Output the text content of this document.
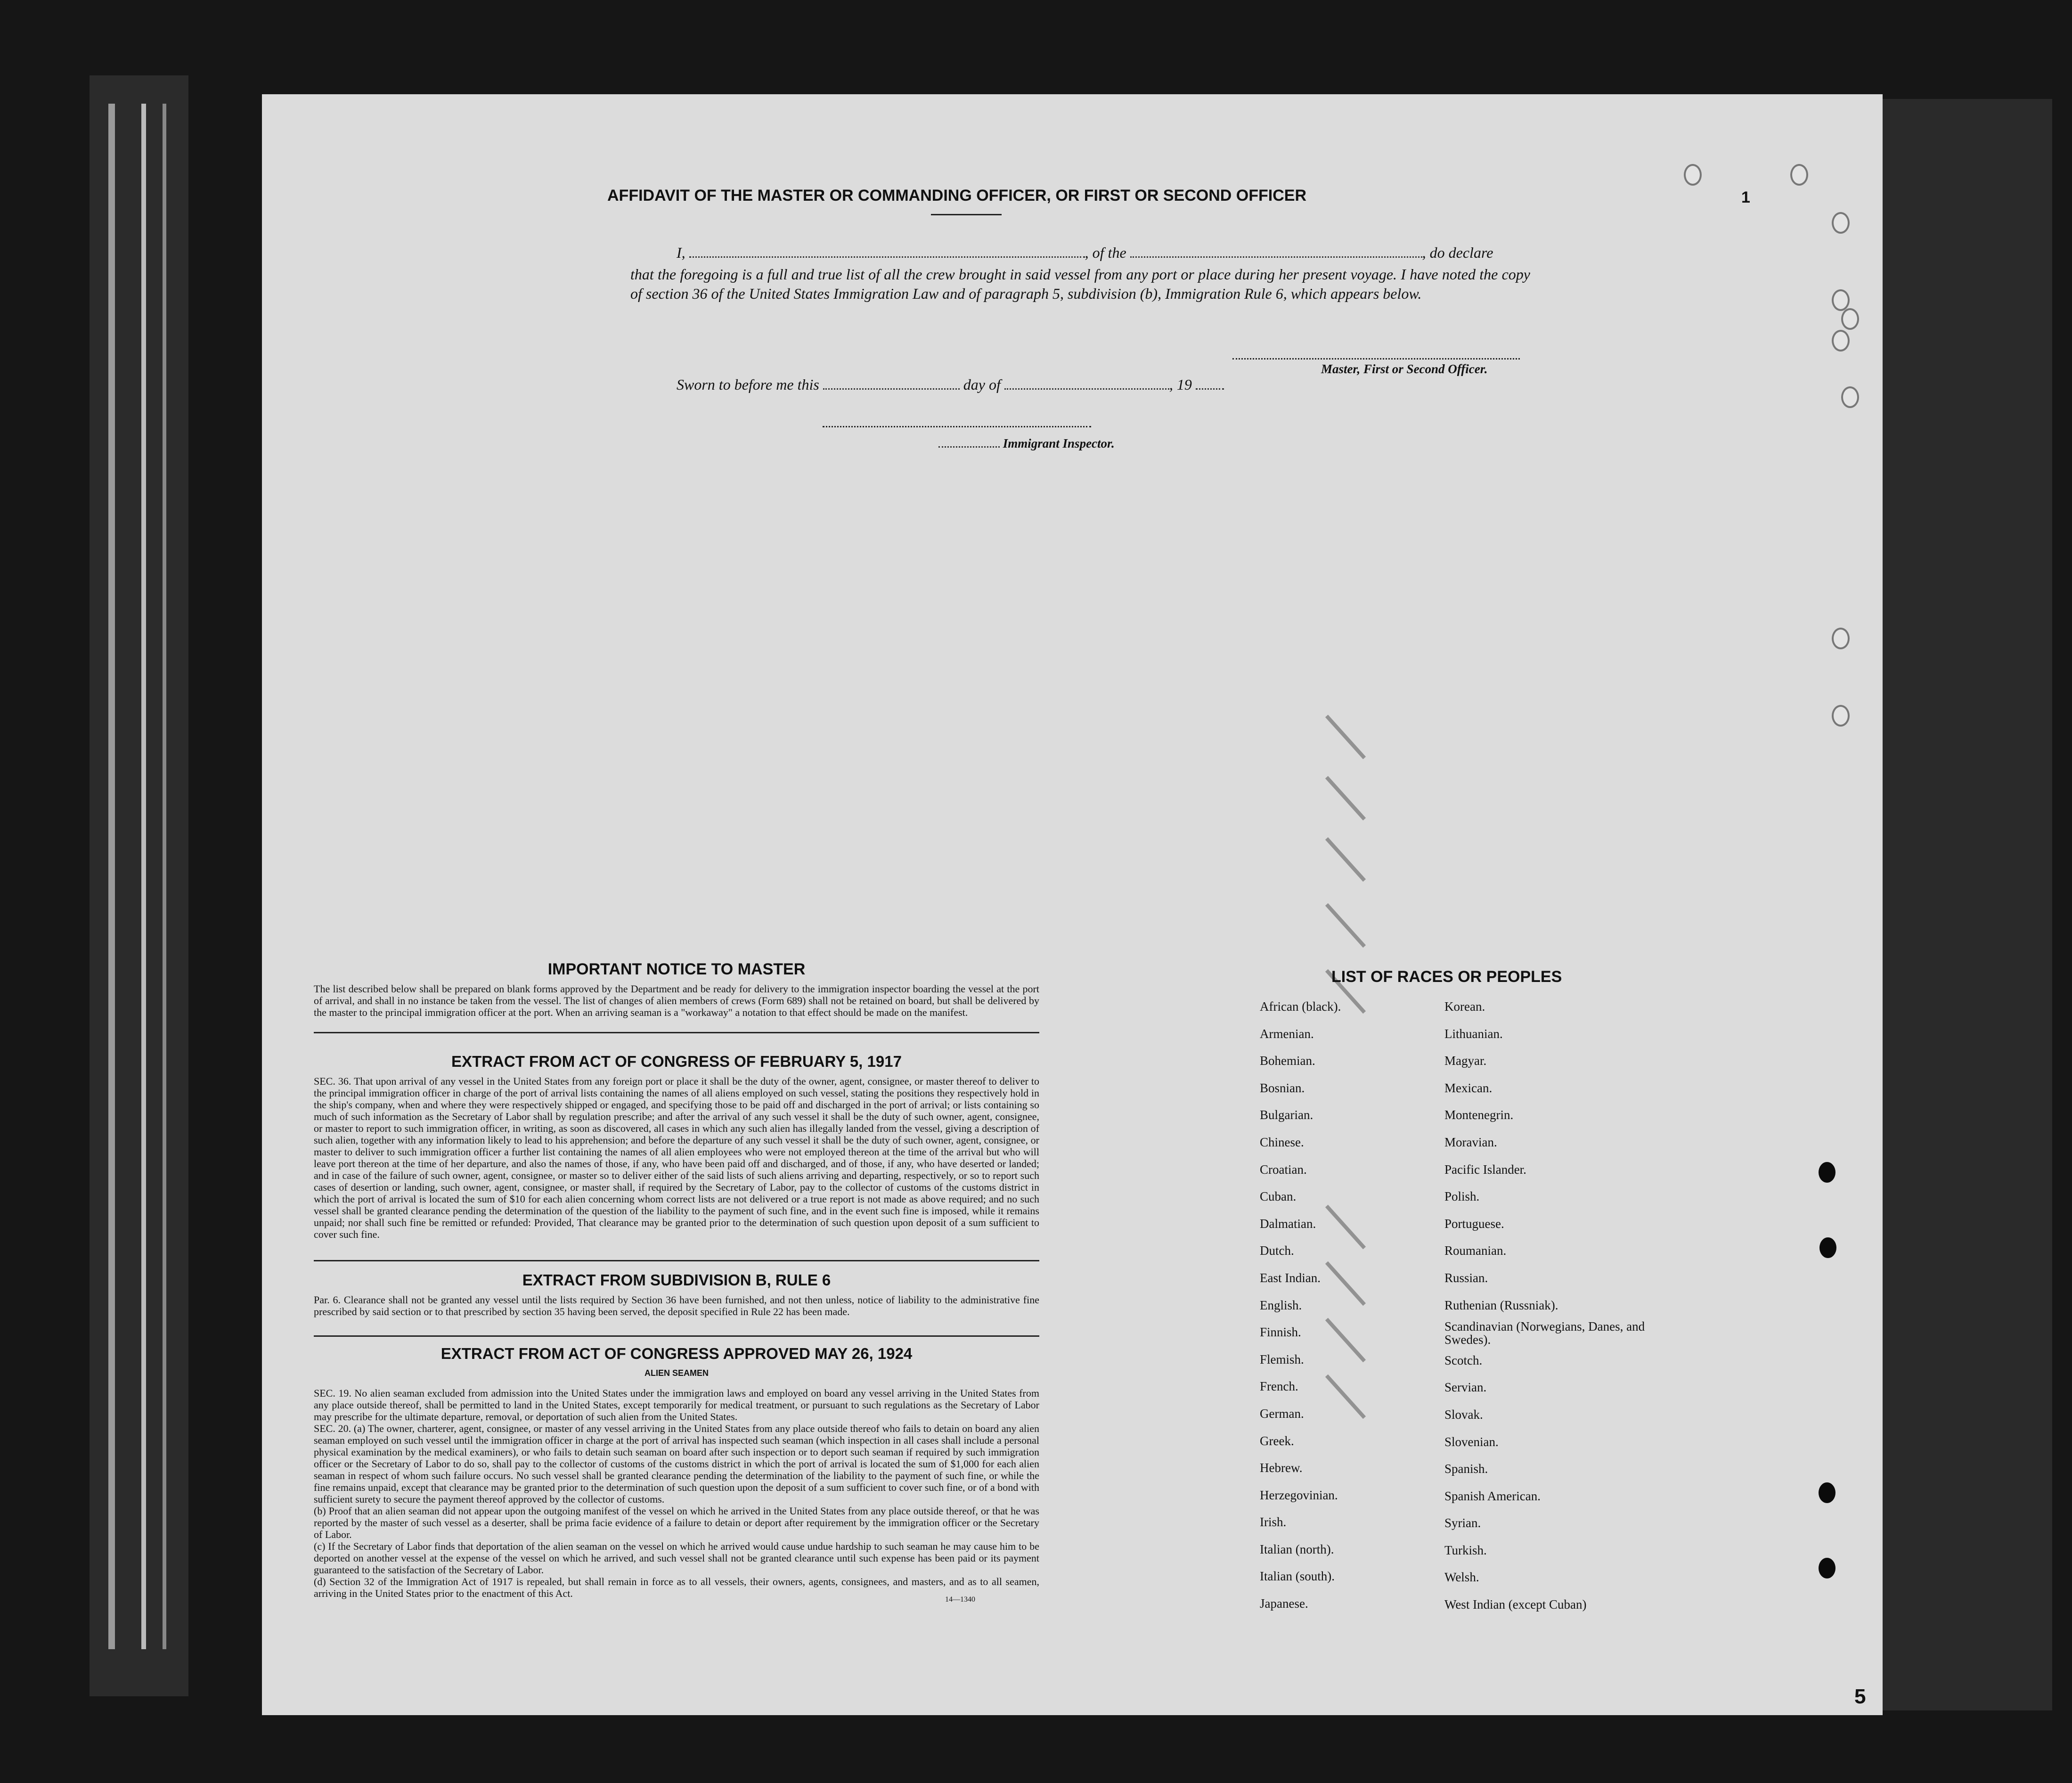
1
AFFIDAVIT OF THE MASTER OR COMMANDING OFFICER, OR FIRST OR SECOND OFFICER
I,	, of the	, do declare
that the foregoing is a full and true list of all the crew brought in said vessel from any port or place during her present voyage. I have noted the copy of section 36 of the United States Immigration Law and of paragraph 5, subdivision (b), Immigration Rule 6, which appears below.
Master, First or Second Officer.
Sworn to before me this	day of	, 19
Immigrant Inspector.
IMPORTANT NOTICE TO MASTER
The list described below shall be prepared on blank forms approved by the Department and be ready for delivery to the immigration inspector boarding the vessel at the port of arrival, and shall in no instance be taken from the vessel. The list of changes of alien members of crews (Form 689) shall not be retained on board, but shall be delivered by the master to the principal immigration officer at the port. When an arriving seaman is a "workaway" a notation to that effect should be made on the manifest.
EXTRACT FROM ACT OF CONGRESS OF FEBRUARY 5, 1917
SEC. 36. That upon arrival of any vessel in the United States from any foreign port or place it shall be the duty of the owner, agent, consignee, or master thereof to deliver to the principal immigration officer in charge of the port of arrival lists containing the names of all aliens employed on such vessel, stating the positions they respectively hold in the ship's company, when and where they were respectively shipped or engaged, and specifying those to be paid off and discharged in the port of arrival; or lists containing so much of such information as the Secretary of Labor shall by regulation prescribe; and after the arrival of any such vessel it shall be the duty of such owner, agent, consignee, or master to report to such immigration officer, in writing, as soon as discovered, all cases in which any such alien has illegally landed from the vessel, giving a description of such alien, together with any information likely to lead to his apprehension; and before the departure of any such vessel it shall be the duty of such owner, agent, consignee, or master to deliver to such immigration officer a further list containing the names of all alien employees who were not employed thereon at the time of the arrival but who will leave port thereon at the time of her departure, and also the names of those, if any, who have been paid off and discharged, and of those, if any, who have deserted or landed; and in case of the failure of such owner, agent, consignee, or master so to deliver either of the said lists of such aliens arriving and departing, respectively, or so to report such cases of desertion or landing, such owner, agent, consignee, or master shall, if required by the Secretary of Labor, pay to the collector of customs of the customs district in which the port of arrival is located the sum of $10 for each alien concerning whom correct lists are not delivered or a true report is not made as above required; and no such vessel shall be granted clearance pending the determination of the question of the liability to the payment of such fine, and in the event such fine is imposed, while it remains unpaid; nor shall such fine be remitted or refunded: Provided, That clearance may be granted prior to the determination of such question upon deposit of a sum sufficient to cover such fine.
EXTRACT FROM SUBDIVISION B, RULE 6
Par. 6. Clearance shall not be granted any vessel until the lists required by Section 36 have been furnished, and not then unless, notice of liability to the administrative fine prescribed by said section or to that prescribed by section 35 having been served, the deposit specified in Rule 22 has been made.
EXTRACT FROM ACT OF CONGRESS APPROVED MAY 26, 1924
ALIEN SEAMEN
SEC. 19. No alien seaman excluded from admission into the United States under the immigration laws and employed on board any vessel arriving in the United States from any place outside thereof, shall be permitted to land in the United States, except temporarily for medical treatment, or pursuant to such regulations as the Secretary of Labor may prescribe for the ultimate departure, removal, or deportation of such alien from the United States.
SEC. 20. (a) The owner, charterer, agent, consignee, or master of any vessel arriving in the United States from any place outside thereof who fails to detain on board any alien seaman employed on such vessel until the immigration officer in charge at the port of arrival has inspected such seaman (which inspection in all cases shall include a personal physical examination by the medical examiners), or who fails to detain such seaman on board after such inspection or to deport such seaman if required by such immigration officer or the Secretary of Labor to do so, shall pay to the collector of customs of the customs district in which the port of arrival is located the sum of $1,000 for each alien seaman in respect of whom such failure occurs. No such vessel shall be granted clearance pending the determination of the liability to the payment of such fine, or while the fine remains unpaid, except that clearance may be granted prior to the determination of such question upon the deposit of a sum sufficient to cover such fine, or of a bond with sufficient surety to secure the payment thereof approved by the collector of customs.
(b) Proof that an alien seaman did not appear upon the outgoing manifest of the vessel on which he arrived in the United States from any place outside thereof, or that he was reported by the master of such vessel as a deserter, shall be prima facie evidence of a failure to detain or deport after requirement by the immigration officer or the Secretary of Labor.
(c) If the Secretary of Labor finds that deportation of the alien seaman on the vessel on which he arrived would cause undue hardship to such seaman he may cause him to be deported on another vessel at the expense of the vessel on which he arrived, and such vessel shall not be granted clearance until such expense has been paid or its payment guaranteed to the satisfaction of the Secretary of Labor.
(d) Section 32 of the Immigration Act of 1917 is repealed, but shall remain in force as to all vessels, their owners, agents, consignees, and masters, and as to all seamen, arriving in the United States prior to the enactment of this Act.
14—1340
LIST OF RACES OR PEOPLES
African (black).
Armenian.
Bohemian.
Bosnian.
Bulgarian.
Chinese.
Croatian.
Cuban.
Dalmatian.
Dutch.
East Indian.
English.
Finnish.
Flemish.
French.
German.
Greek.
Hebrew.
Herzegovinian.
Irish.
Italian (north).
Italian (south).
Japanese.
Korean.
Lithuanian.
Magyar.
Mexican.
Montenegrin.
Moravian.
Pacific Islander.
Polish.
Portuguese.
Roumanian.
Russian.
Ruthenian (Russniak).
Scandinavian (Norwegians, Danes, and Swedes).
Scotch.
Servian.
Slovak.
Slovenian.
Spanish.
Spanish American.
Syrian.
Turkish.
Welsh.
West Indian (except Cuban)
5
